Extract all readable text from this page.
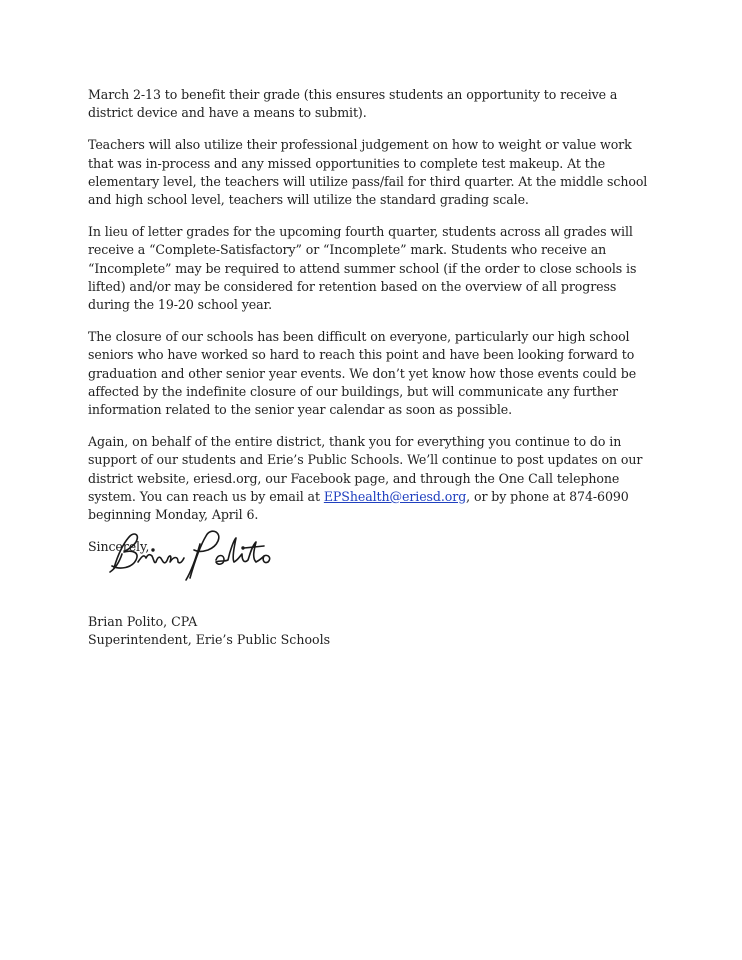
March 2-13 to benefit their grade (this ensures students an opportunity to receive a district device and have a means to submit).

Teachers will also utilize their professional judgement on how to weight or value work that was in-process and any missed opportunities to complete test makeup. At the elementary level, the teachers will utilize pass/fail for third quarter. At the middle school and high school level, teachers will utilize the standard grading scale.

In lieu of letter grades for the upcoming fourth quarter, students across all grades will receive a “Complete-Satisfactory” or “Incomplete” mark. Students who receive an “Incomplete” may be required to attend summer school (if the order to close schools is lifted) and/or may be considered for retention based on the overview of all progress during the 19-20 school year.

The closure of our schools has been difficult on everyone, particularly our high school seniors who have worked so hard to reach this point and have been looking forward to graduation and other senior year events. We don’t yet know how those events could be affected by the indefinite closure of our buildings, but will communicate any further information related to the senior year calendar as soon as possible.

Again, on behalf of the entire district, thank you for everything you continue to do in support of our students and Erie’s Public Schools. We’ll continue to post updates on our district website, eriesd.org, our Facebook page, and through the One Call telephone system. You can reach us by email at EPShealth@eriesd.org, or by phone at 874-6090 beginning Monday, April 6.

Sincerely,

Brian Polito, CPA
Superintendent, Erie’s Public Schools
